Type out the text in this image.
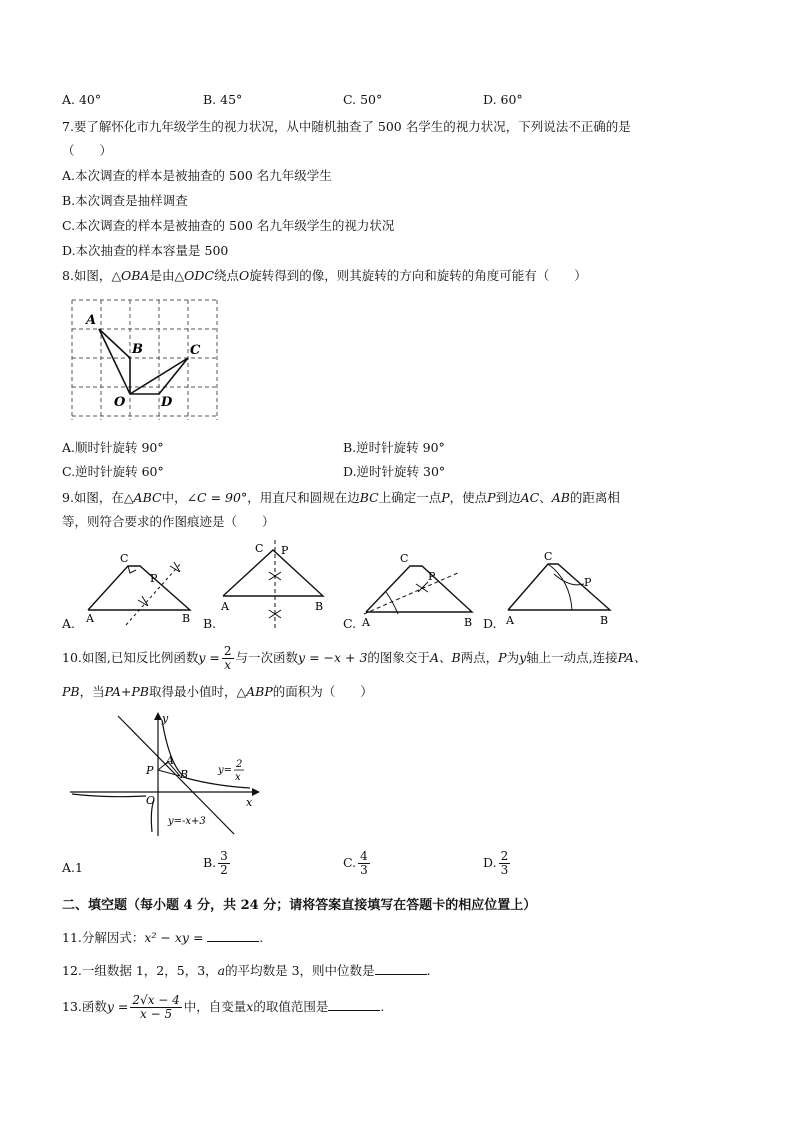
A. 40°	B. 45°	C. 50°	D. 60°
7.要了解怀化市九年级学生的视力状况，从中随机抽查了 500 名学生的视力状况，下列说法不正确的是
（　　）
A.本次调查的样本是被抽查的 500 名九年级学生
B.本次调查是抽样调查
C.本次调查的样本是被抽查的 500 名九年级学生的视力状况
D.本次抽查的样本容量是 500
8.如图，△OBA是由△ODC绕点O旋转得到的像，则其旋转的方向和旋转的角度可能有（　　）
A
B	C
O	D
A.顺时针旋转 90°	B.逆时针旋转 90°
C.逆时针旋转 60°	D.逆时针旋转 30°
9.如图，在△ABC中，∠C = 90°，用直尺和圆规在边BC上确定一点P，使点P到边AC、AB的距离相
等，则符合要求的作图痕迹是（　　）
A.
C
P
A	B B.
C P
A	B
C.
C
P
A	B D.
C
P
A	B
10.如图,已知反比例函数$y = \frac{2}{x}$ 与一次函数y = −x + 3的图象交于A、B两点，P为y轴上一动点,连接PA、
PB，当PA+PB取得最小值时，△ABP的面积为（　　）
y
x
O
A
B
P	y=
2
x
y=-x+3
A.1	B. $\frac{3}{2}$	C. $\frac{4}{3}$	D. $\frac{2}{3}$
二、填空题（每小题 4 分，共 24 分；请将答案直接填写在答题卡的相应位置上）
11.分解因式：x² − xy =	.
12.一组数据 1，2，5，3，a的平均数是 3，则中位数是	.
13.函数$y = \frac{2√x - 4}{x - 5}$ 中，自变量x的取值范围是	.
